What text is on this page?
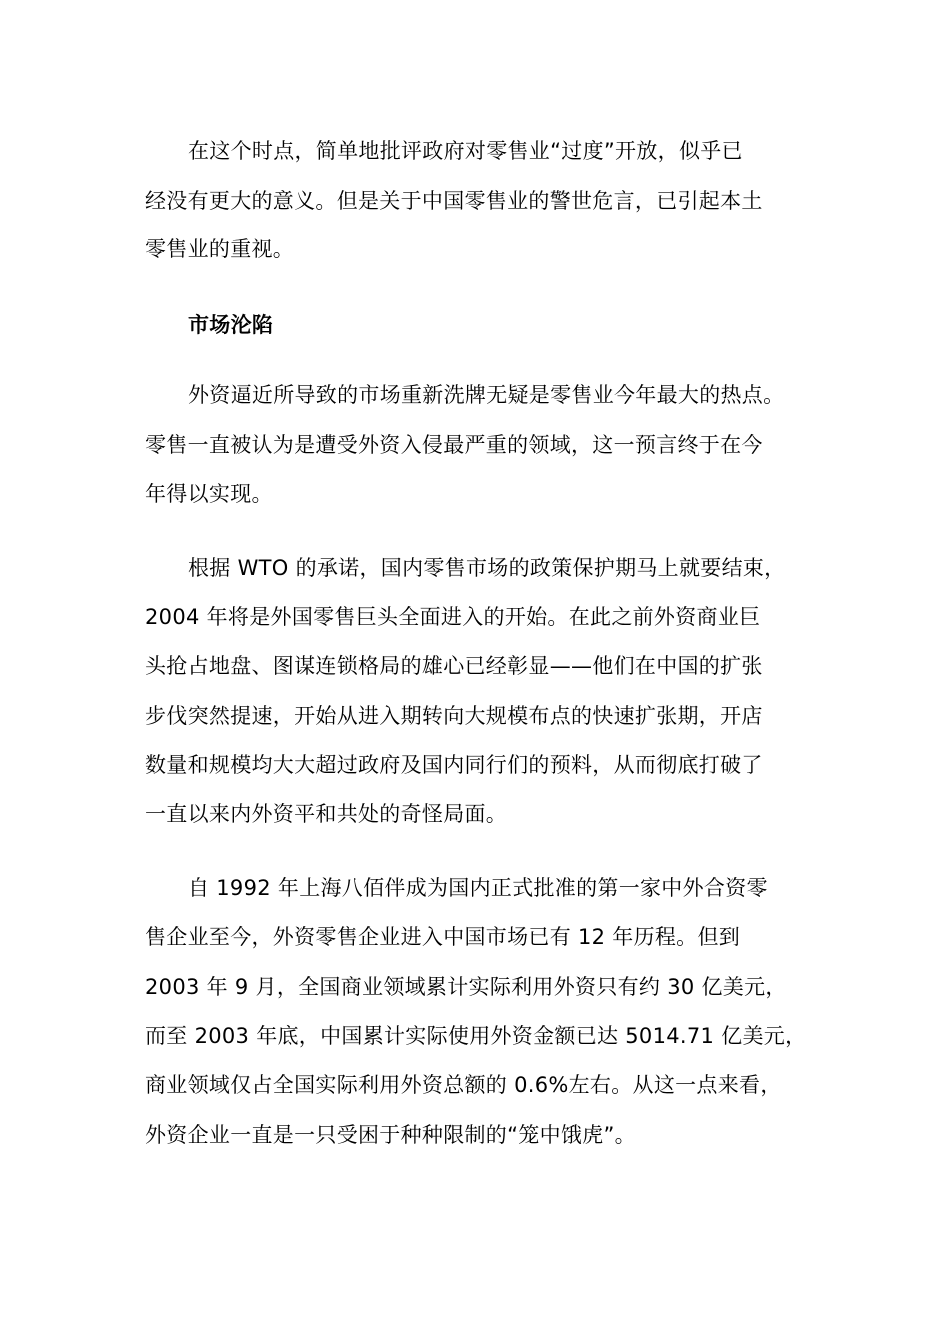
在这个时点，简单地批评政府对零售业“过度”开放，似乎已
经没有更大的意义。但是关于中国零售业的警世危言，已引起本土
零售业的重视。
市场沦陷
外资逼近所导致的市场重新洗牌无疑是零售业今年最大的热点。
零售一直被认为是遭受外资入侵最严重的领域，这一预言终于在今
年得以实现。
根据 WTO 的承诺，国内零售市场的政策保护期马上就要结束，
2004 年将是外国零售巨头全面进入的开始。在此之前外资商业巨
头抢占地盘、图谋连锁格局的雄心已经彰显——他们在中国的扩张
步伐突然提速，开始从进入期转向大规模布点的快速扩张期，开店
数量和规模均大大超过政府及国内同行们的预料，从而彻底打破了
一直以来内外资平和共处的奇怪局面。
自 1992 年上海八佰伴成为国内正式批准的第一家中外合资零
售企业至今，外资零售企业进入中国市场已有 12 年历程。但到
2003 年 9 月，全国商业领域累计实际利用外资只有约 30 亿美元，
而至 2003 年底，中国累计实际使用外资金额已达 5014.71 亿美元，
商业领域仅占全国实际利用外资总额的 0.6%左右。从这一点来看，
外资企业一直是一只受困于种种限制的“笼中饿虎”。
